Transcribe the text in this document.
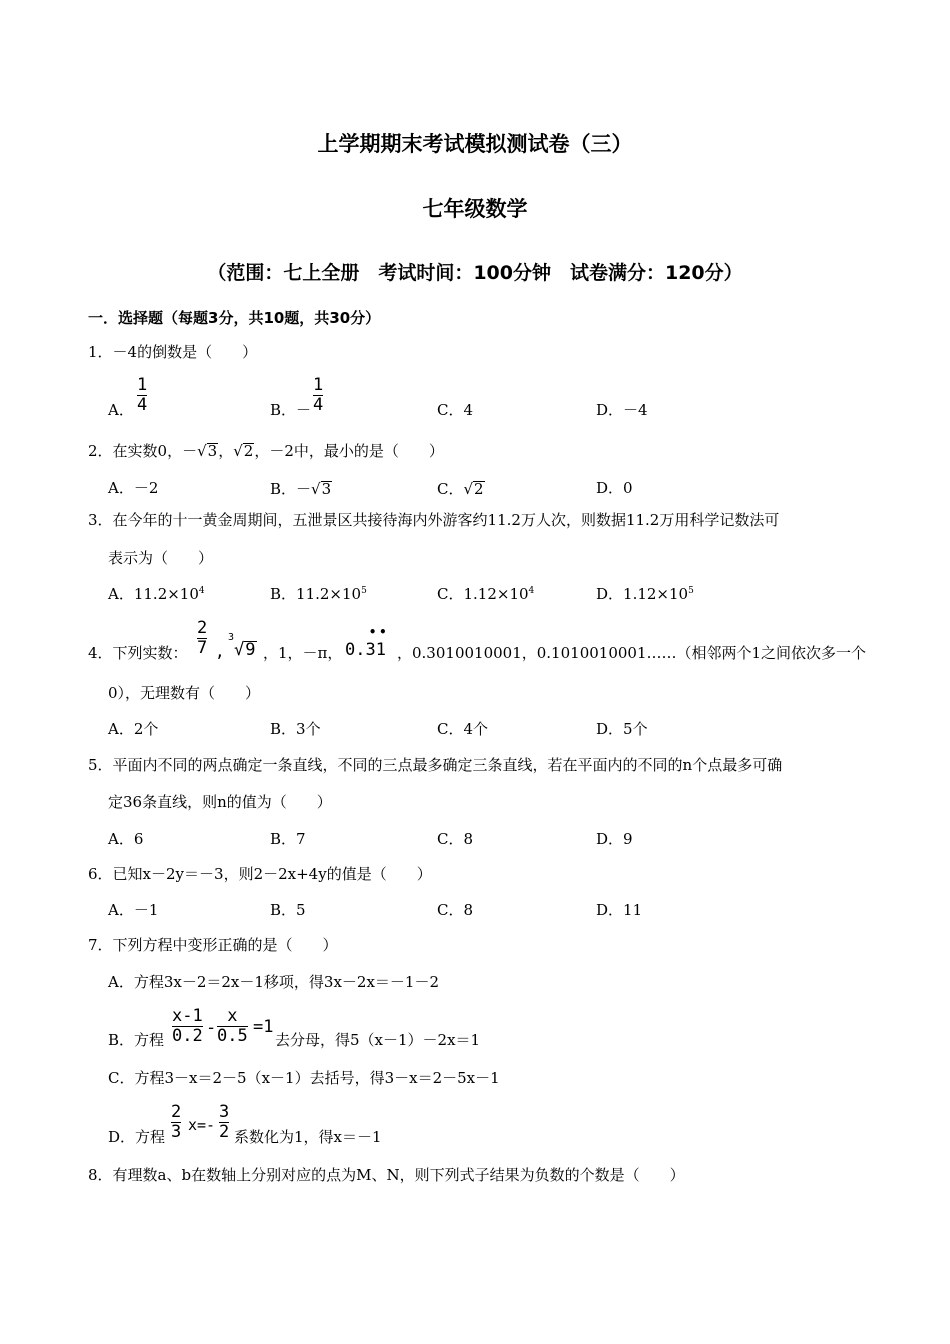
上学期期末考试模拟测试卷（三）
七年级数学
（范围：七上全册　考试时间：100分钟　试卷满分：120分）
一．选择题（每题3分，共10题，共30分）
1．－4的倒数是（　　）
A．
1
4	B．－
1
4	C．4	D．－4
2．在实数0，－ √ 3 ， √ 2 ，－2中，最小的是（　　）
A．－2	B．－ √ 3	C． √ 2	D．0
3．在今年的十一黄金周期间，五泄景区共接待海内外游客约11.2万人次，则数据11.2万用科学记数法可
表示为（　　）
A．$11.2\times 10^4$	B．$11.2\times 10^5$	C．$1.12\times 10^4$	D．$1.12\times 10^5$
4．下列实数：
2
7 ,
3
√ 9 ，1，－π， 0.31
••
，0.3010010001，0.1010010001……（相邻两个1之间依次多一个
0），无理数有（　　）
A．2个	B．3个	C．4个	D．5个
5．平面内不同的两点确定一条直线，不同的三点最多确定三条直线，若在平面内的不同的n个点最多可确
定36条直线，则n的值为（　　）
A．6	B．7	C．8	D．9
6．已知x－2y＝－3，则2－2x+4y的值是（　　）
A．－1	B．5	C．8	D．11
7．下列方程中变形正确的是（　　）
A．方程3x－2＝2x－1移项，得3x－2x＝－1－2
B．方程
x-1
0.2 -
x
0.5 =1
去分母，得5（x－1）－2x＝1
C．方程3－x＝2－5（x－1）去括号，得3－x＝2－5x－1
D．方程
2
3 x=-
3
2 系数化为1，得x＝－1
8．有理数a、b在数轴上分别对应的点为M、N，则下列式子结果为负数的个数是（　　）
